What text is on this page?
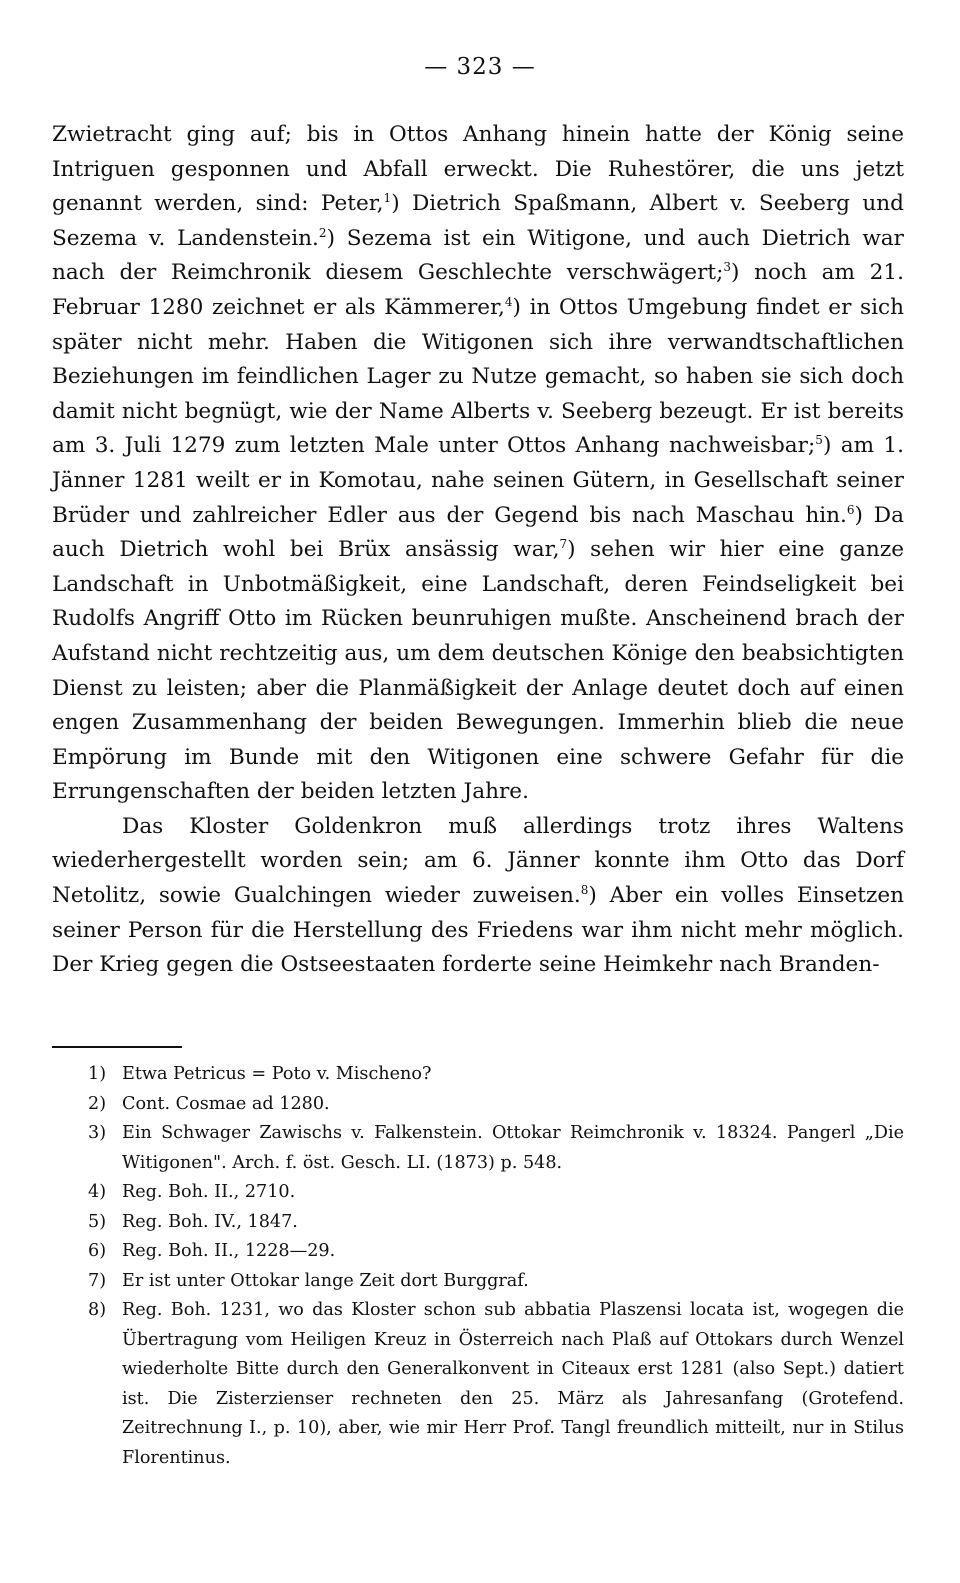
— 323 —

Zwietracht ging auf; bis in Ottos Anhang hinein hatte der König seine Intriguen gesponnen und Abfall erweckt. Die Ruhestörer, die uns jetzt genannt werden, sind: Peter,$^1$) Dietrich Spaßmann, Albert v. Seeberg und Sezema v. Landenstein.$^2$) Sezema ist ein Witigone, und auch Dietrich war nach der Reimchronik diesem Geschlechte verschwägert;$^3$) noch am 21. Februar 1280 zeichnet er als Kämmerer,$^4$) in Ottos Umgebung findet er sich später nicht mehr. Haben die Witigonen sich ihre verwandtschaftlichen Beziehungen im feindlichen Lager zu Nutze gemacht, so haben sie sich doch damit nicht begnügt, wie der Name Alberts v. Seeberg bezeugt. Er ist bereits am 3. Juli 1279 zum letzten Male unter Ottos Anhang nachweisbar;$^5$) am 1. Jänner 1281 weilt er in Komotau, nahe seinen Gütern, in Gesellschaft seiner Brüder und zahlreicher Edler aus der Gegend bis nach Maschau hin.$^6$) Da auch Dietrich wohl bei Brüx ansässig war,$^7$) sehen wir hier eine ganze Landschaft in Unbotmäßigkeit, eine Landschaft, deren Feindseligkeit bei Rudolfs Angriff Otto im Rücken beunruhigen mußte. Anscheinend brach der Aufstand nicht rechtzeitig aus, um dem deutschen Könige den beabsichtigten Dienst zu leisten; aber die Planmäßigkeit der Anlage deutet doch auf einen engen Zusammenhang der beiden Bewegungen. Immerhin blieb die neue Empörung im Bunde mit den Witigonen eine schwere Gefahr für die Errungenschaften der beiden letzten Jahre.

Das Kloster Goldenkron muß allerdings trotz ihres Waltens wiederhergestellt worden sein; am 6. Jänner konnte ihm Otto das Dorf Netolitz, sowie Gualchingen wieder zuweisen.$^8$) Aber ein volles Einsetzen seiner Person für die Herstellung des Friedens war ihm nicht mehr möglich. Der Krieg gegen die Ostseestaaten forderte seine Heimkehr nach Branden-

1) Etwa Petricus = Poto v. Mischeno?
2) Cont. Cosmae ad 1280.
3) Ein Schwager Zawischs v. Falkenstein. Ottokar Reimchronik v. 18324. Pangerl „Die Witigonen". Arch. f. öst. Gesch. LI. (1873) p. 548.
4) Reg. Boh. II., 2710.
5) Reg. Boh. IV., 1847.
6) Reg. Boh. II., 1228—29.
7) Er ist unter Ottokar lange Zeit dort Burggraf.
8) Reg. Boh. 1231, wo das Kloster schon sub abbatia Plaszensi locata ist, wogegen die Übertragung vom Heiligen Kreuz in Österreich nach Plaß auf Ottokars durch Wenzel wiederholte Bitte durch den Generalkonvent in Citeaux erst 1281 (also Sept.) datiert ist. Die Zisterzienser rechneten den 25. März als Jahresanfang (Grotefend. Zeitrechnung I., p. 10), aber, wie mir Herr Prof. Tangl freundlich mitteilt, nur in Stilus Florentinus.
